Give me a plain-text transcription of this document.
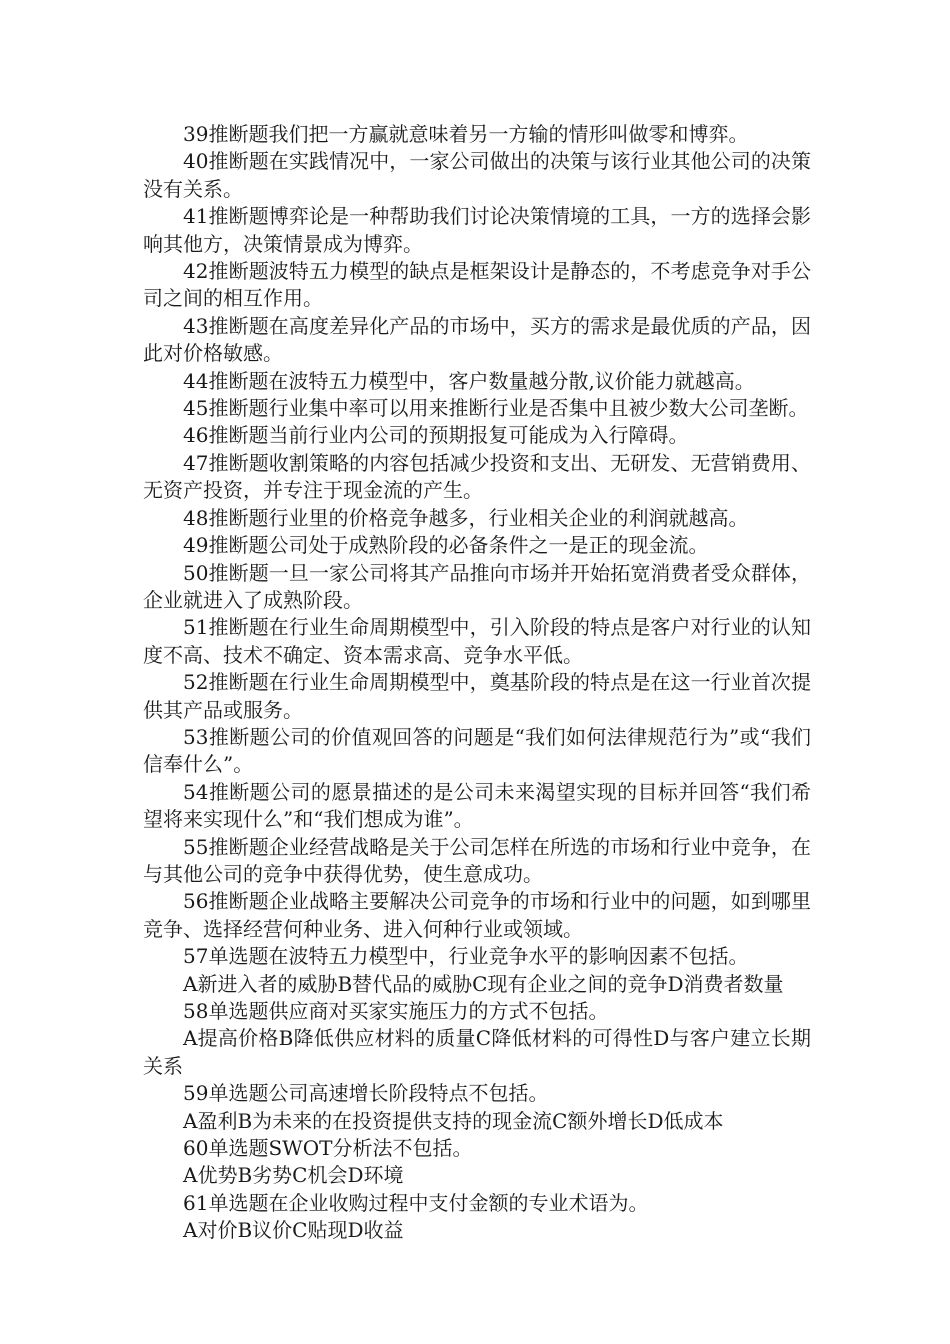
39推断题我们把一方赢就意味着另一方输的情形叫做零和博弈。

40推断题在实践情况中，一家公司做出的决策与该行业其他公司的决策没有关系。

41推断题博弈论是一种帮助我们讨论决策情境的工具，一方的选择会影响其他方，决策情景成为博弈。

42推断题波特五力模型的缺点是框架设计是静态的，不考虑竞争对手公司之间的相互作用。

43推断题在高度差异化产品的市场中，买方的需求是最优质的产品，因此对价格敏感。

44推断题在波特五力模型中，客户数量越分散,议价能力就越高。

45推断题行业集中率可以用来推断行业是否集中且被少数大公司垄断。

46推断题当前行业内公司的预期报复可能成为入行障碍。

47推断题收割策略的内容包括减少投资和支出、无研发、无营销费用、无资产投资，并专注于现金流的产生。

48推断题行业里的价格竞争越多，行业相关企业的利润就越高。

49推断题公司处于成熟阶段的必备条件之一是正的现金流。

50推断题一旦一家公司将其产品推向市场并开始拓宽消费者受众群体，企业就进入了成熟阶段。

51推断题在行业生命周期模型中，引入阶段的特点是客户对行业的认知度不高、技术不确定、资本需求高、竞争水平低。

52推断题在行业生命周期模型中，奠基阶段的特点是在这一行业首次提供其产品或服务。

53推断题公司的价值观回答的问题是“我们如何法律规范行为”或“我们信奉什么”。

54推断题公司的愿景描述的是公司未来渴望实现的目标并回答“我们希望将来实现什么”和“我们想成为谁”。

55推断题企业经营战略是关于公司怎样在所选的市场和行业中竞争，在与其他公司的竞争中获得优势，使生意成功。

56推断题企业战略主要解决公司竞争的市场和行业中的问题，如到哪里竞争、选择经营何种业务、进入何种行业或领域。

57单选题在波特五力模型中，行业竞争水平的影响因素不包括。

A新进入者的威胁B替代品的威胁C现有企业之间的竞争D消费者数量

58单选题供应商对买家实施压力的方式不包括。

A提高价格B降低供应材料的质量C降低材料的可得性D与客户建立长期关系

59单选题公司高速增长阶段特点不包括。

A盈利B为未来的在投资提供支持的现金流C额外增长D低成本

60单选题SWOT分析法不包括。

A优势B劣势C机会D环境

61单选题在企业收购过程中支付金额的专业术语为。

A对价B议价C贴现D收益
